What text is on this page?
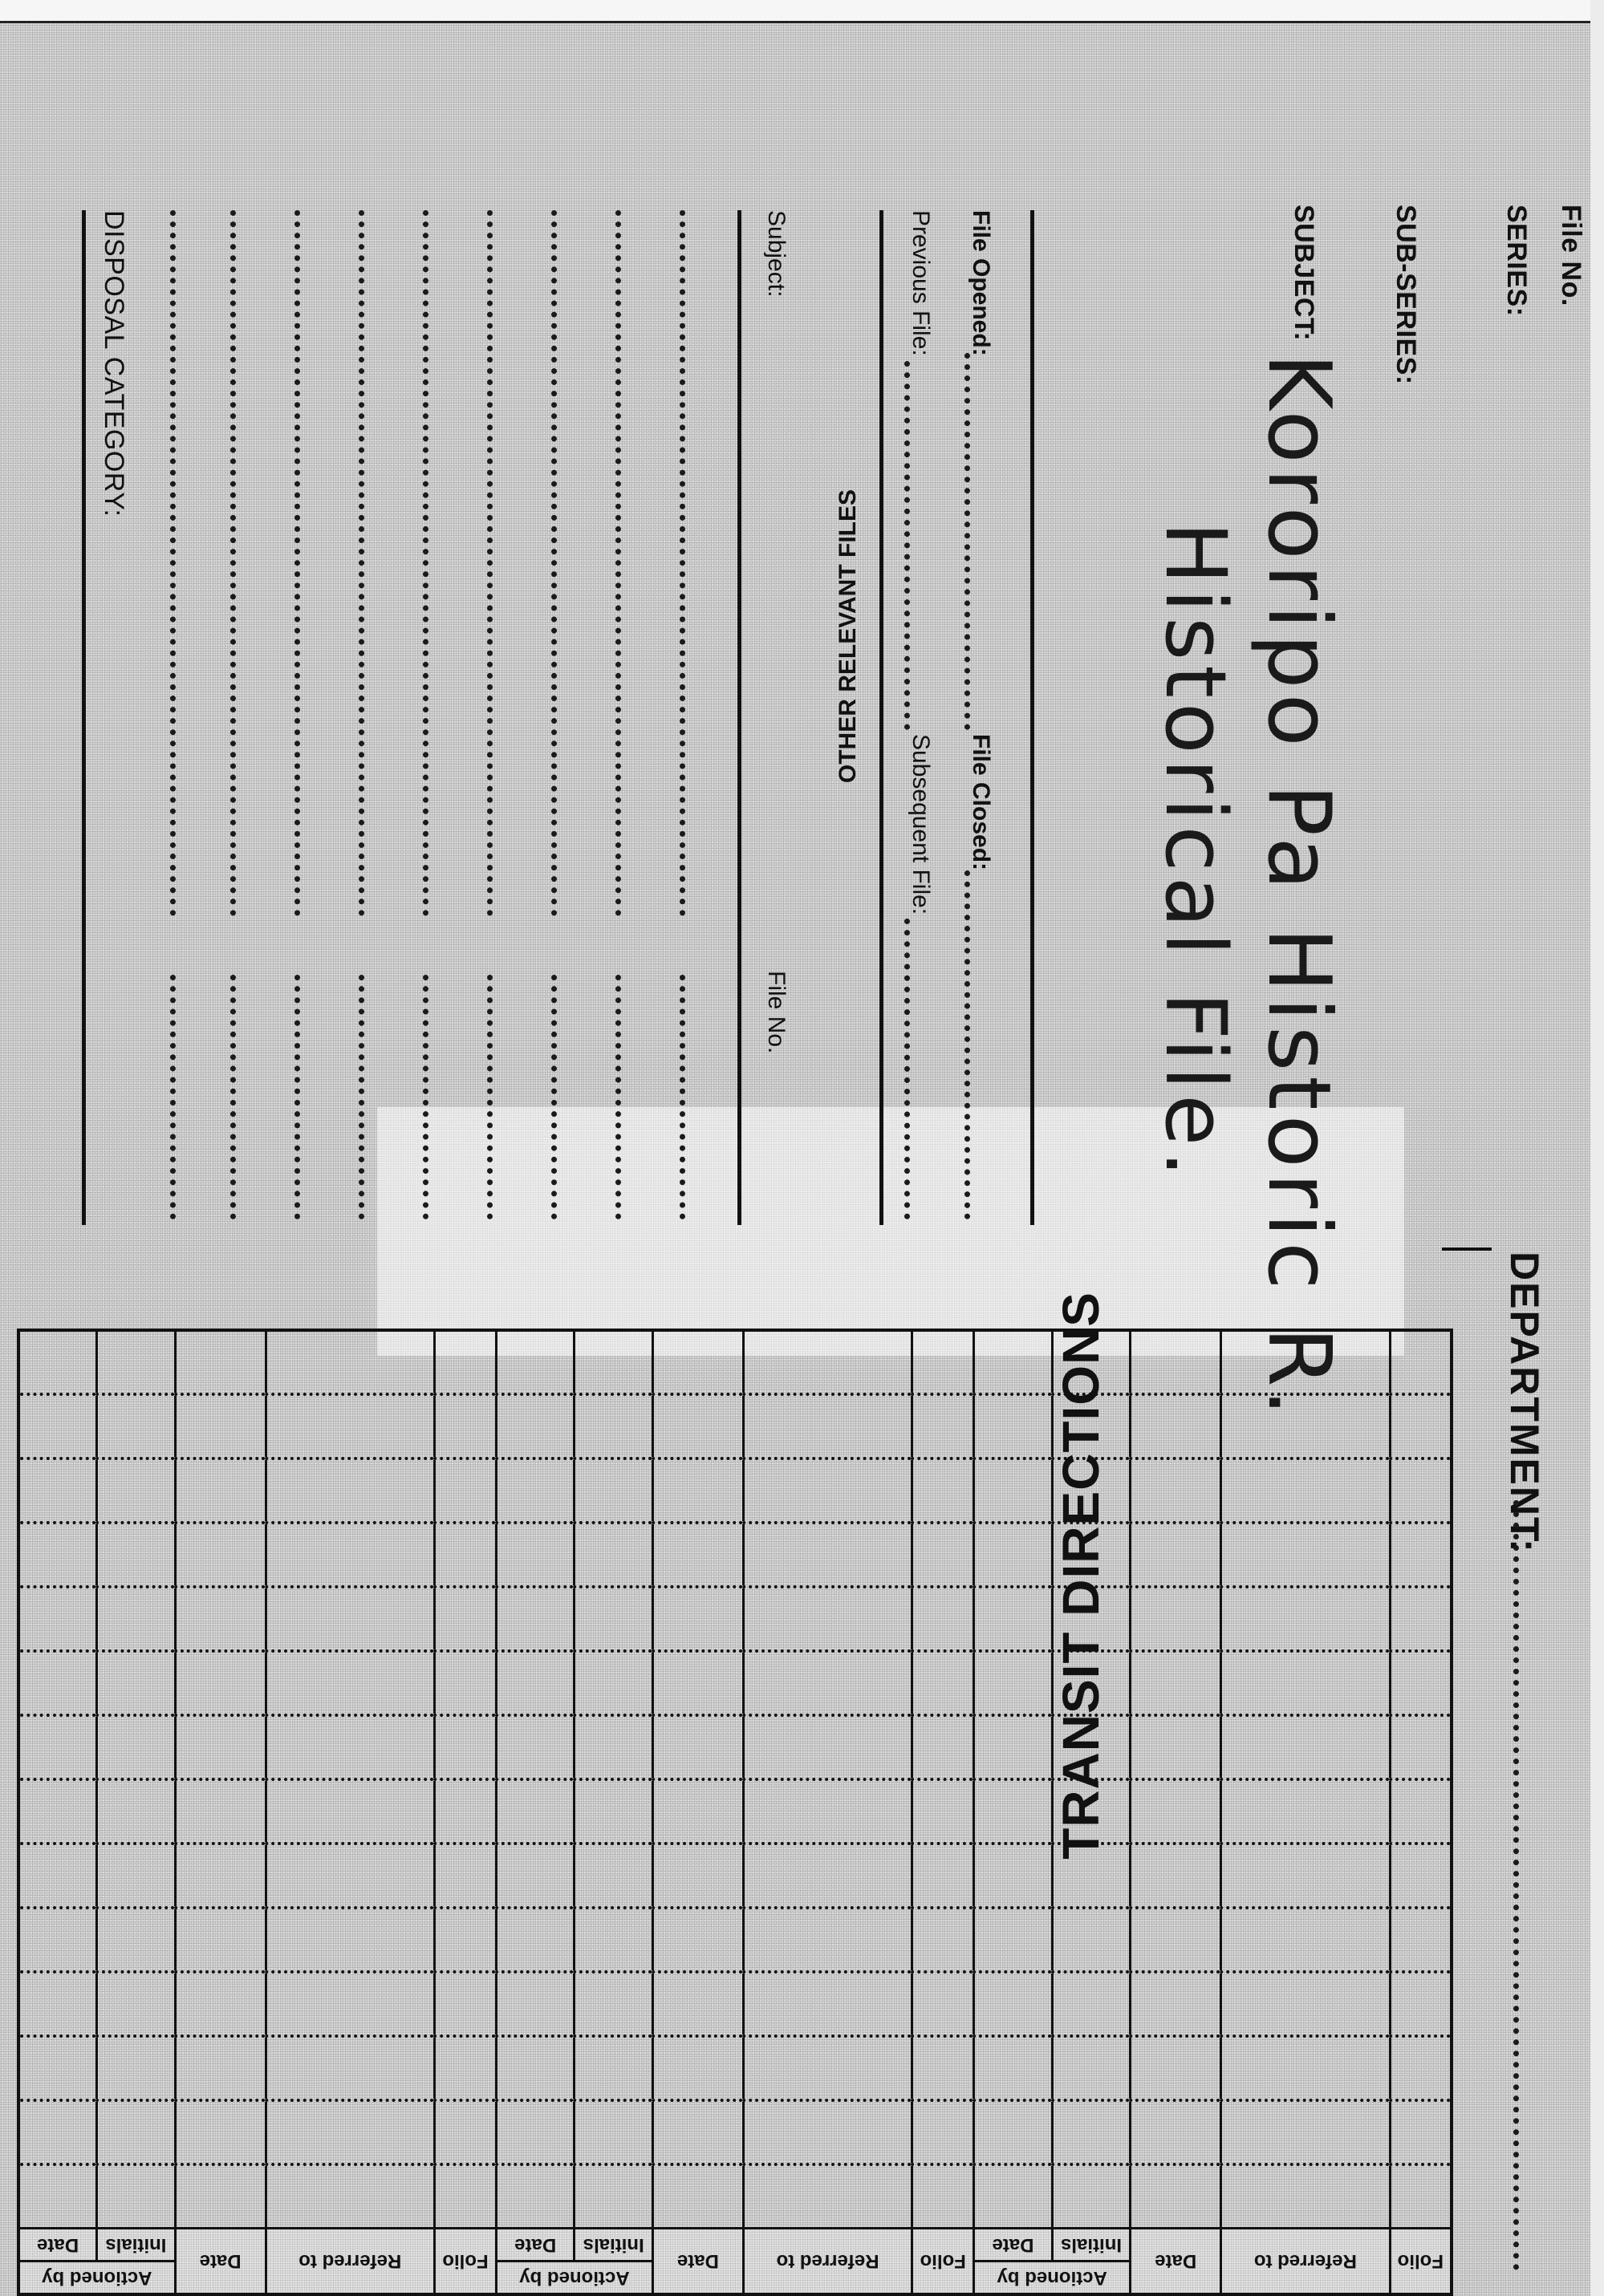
File No.
SERIES:
SUB-SERIES:
SUBJECT:
Kororipo Pa Historic R.
Historical File.
File Opened:
File Closed:
Previous File:
Subsequent File:
OTHER RELEVANT FILES
Subject:
File No.
DISPOSAL CATEGORY:
DEPARTMENT:
TRANSIT DIRECTIONS
Folio	Referred to	Date	Actioned by		Folio	Referred to	Date	Actioned by		Folio	Referred to	Date	Actioned by	
			Initials	Date				Initials	Date				Initials	Date
